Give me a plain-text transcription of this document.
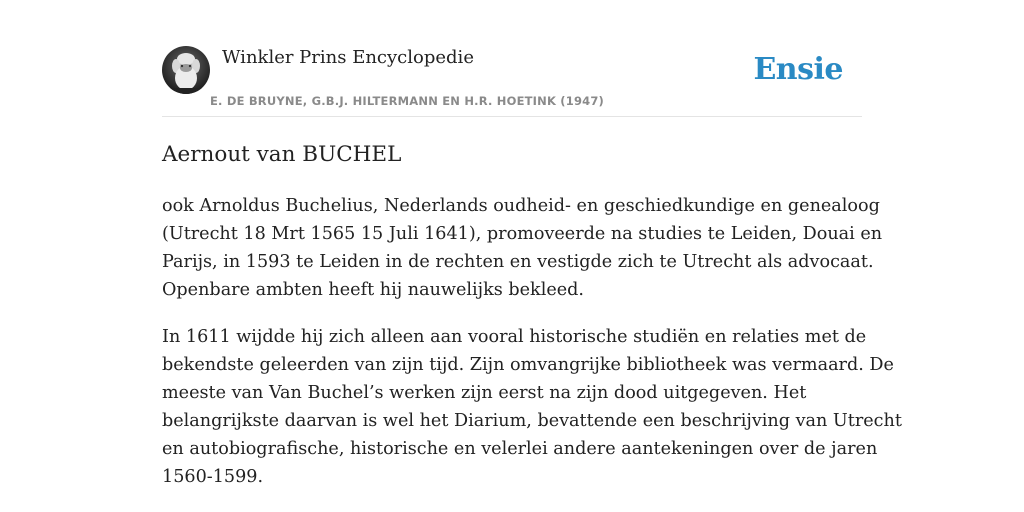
Winkler Prins Encyclopedie
E. DE BRUYNE, G.B.J. HILTERMANN EN H.R. HOETINK (1947)
Ensie
Aernout van BUCHEL

ook Arnoldus Buchelius, Nederlands oudheid- en geschiedkundige en genealoog
(Utrecht 18 Mrt 1565 15 Juli 1641), promoveerde na studies te Leiden, Douai en
Parijs, in 1593 te Leiden in de rechten en vestigde zich te Utrecht als advocaat.
Openbare ambten heeft hij nauwelijks bekleed.

In 1611 wijdde hij zich alleen aan vooral historische studiën en relaties met de
bekendste geleerden van zijn tijd. Zijn omvangrijke bibliotheek was vermaard. De
meeste van Van Buchel’s werken zijn eerst na zijn dood uitgegeven. Het
belangrijkste daarvan is wel het Diarium, bevattende een beschrijving van Utrecht
en autobiografische, historische en velerlei andere aantekeningen over de jaren
1560-1599.
